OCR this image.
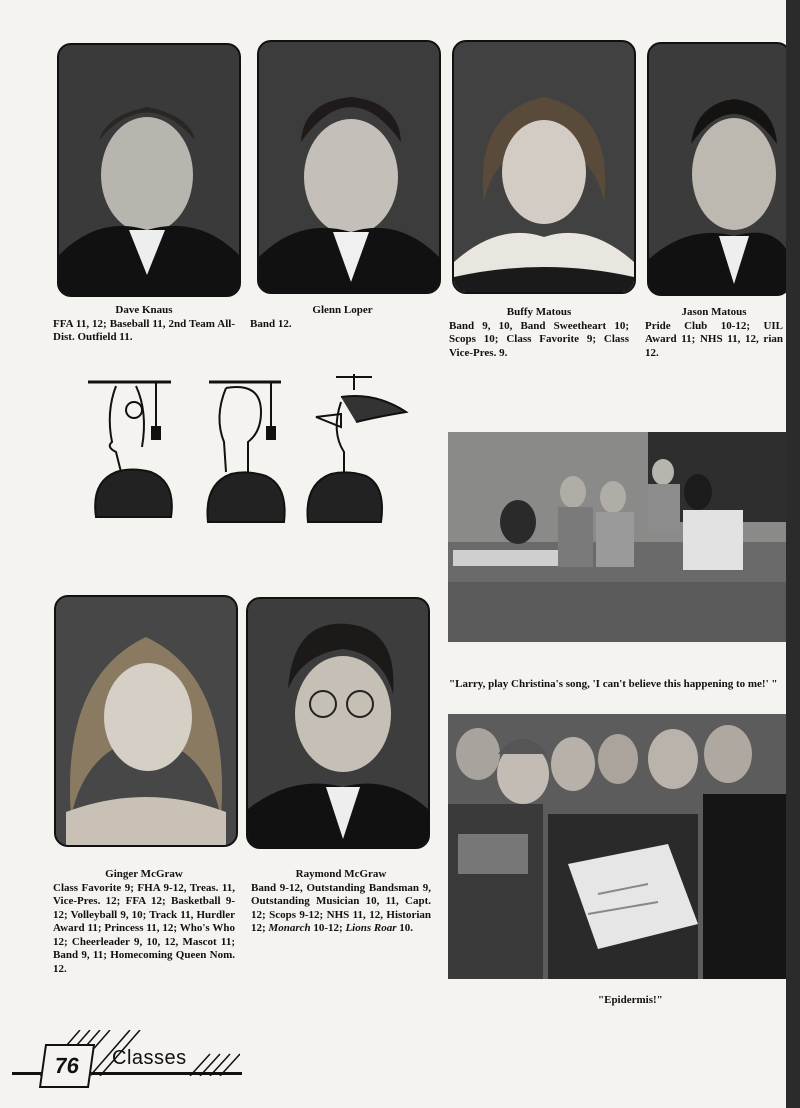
Dave Knaus
FFA 11, 12; Baseball 11, 2nd Team All-Dist. Outfield 11.
Glenn Loper
Band 12.
Buffy Matous
Band 9, 10, Band Sweetheart 10; Scops 10; Class Favorite 9; Class Vice-Pres. 9.
Jason Matous
Pride Club 10-12; UIL Award 11; NHS 11, 12, rian 12.
Ginger McGraw
Class Favorite 9; FHA 9-12, Treas. 11, Vice-Pres. 12; FFA 12; Basketball 9-12; Volleyball 9, 10; Track 11, Hurdler Award 11; Princess 11, 12; Who's Who 12; Cheerleader 9, 10, 12, Mascot 11; Band 9, 11; Homecoming Queen Nom. 12.
Raymond McGraw
Band 9-12, Outstanding Bandsman 9, Outstanding Musician 10, 11, Capt. 12; Scops 9-12; NHS 11, 12, Historian 12; Monarch 10-12; Lions Roar 10.
"Larry, play Christina's song, 'I can't believe this happening to me!' "
"Epidermis!"
76	Classes
